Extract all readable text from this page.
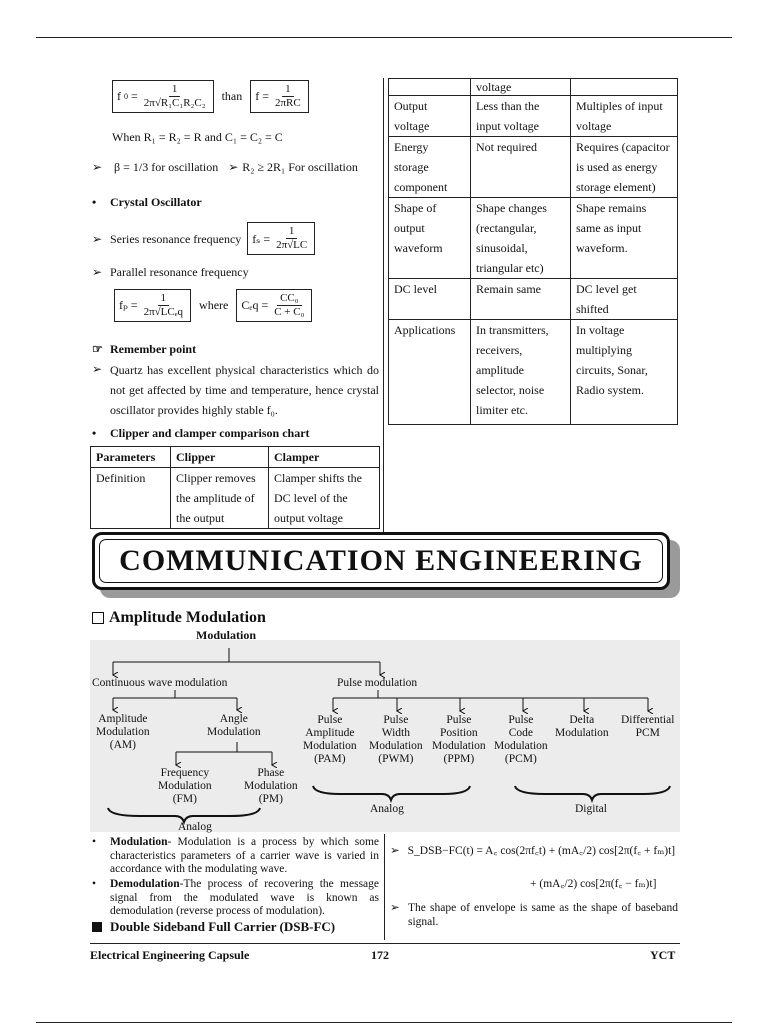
f $0 = \frac{1}{\text{2π√R₁C₁R₂C₂}}$ than $f = \frac{1}{\text{2πRC}}$
When R₁ = R₂ = R and C₁ = C₂ = C
➢ β = 1/3 for oscillation ➢ R₂ ≥ 2R₁ For oscillation
• Crystal Oscillator
➢ Series resonance frequency $f_s = \frac{1}{2\pi√LC}$
➢ Parallel resonance frequency
$f_p = \frac{1}{\text{2π√LCₑq}}$ where $C_eq = \frac{\text{CC₀}}{\text{C + C₀}}$
☞ Remember point
➢ Quartz has excellent physical characteristics which do not get affected by time and temperature, hence crystal oscillator provides highly stable f₀.
• Clipper and clamper comparison chart
Parameters	Clipper	Clamper
Definition	Clipper removes the amplitude of the output	Clamper shifts the DC level of the output voltage
	voltage	
Output voltage	Less than the input voltage	Multiples of input voltage
Energy storage component	Not required	Requires (capacitor is used as energy storage element)
Shape of output waveform	Shape changes (rectangular, sinusoidal, triangular etc)	Shape remains same as input waveform.
DC level	Remain same	DC level get shifted
Applications	In transmitters, receivers, amplitude selector, noise limiter etc.	In voltage multiplying circuits, Sonar, Radio system.
COMMUNICATION ENGINEERING
Amplitude Modulation
Modulation
Continuous wave modulation	Pulse modulation
Amplitude
Modulation
(AM)
Angle
Modulation
Frequency
Modulation
(FM)
Phase
Modulation
(PM)
Pulse
Amplitude
Modulation
(PAM)
Pulse
Width
Modulation
(PWM)
Pulse
Position
Modulation
(PPM)
Pulse
Code
Modulation
(PCM)
Delta
Modulation
Differential
PCM
Analog
Analog	Digital
•	Modulation- Modulation is a process by which some characteristics parameters of a carrier wave is varied in accordance with the modulating wave.
•	Demodulation-The process of recovering the message signal from the modulated wave is known as demodulation (reverse process of modulation).
Double Sideband Full Carrier (DSB-FC)
➢ S_DSB−FC(t) = A꜀ cos(2πf꜀t) + (mA꜀/2) cos[2π(f꜀ + fₘ)t]
+ (mA꜀/2) cos[2π(f꜀ − fₘ)t]
➢ The shape of envelope is same as the shape of baseband signal.
Electrical Engineering Capsule	172	YCT
